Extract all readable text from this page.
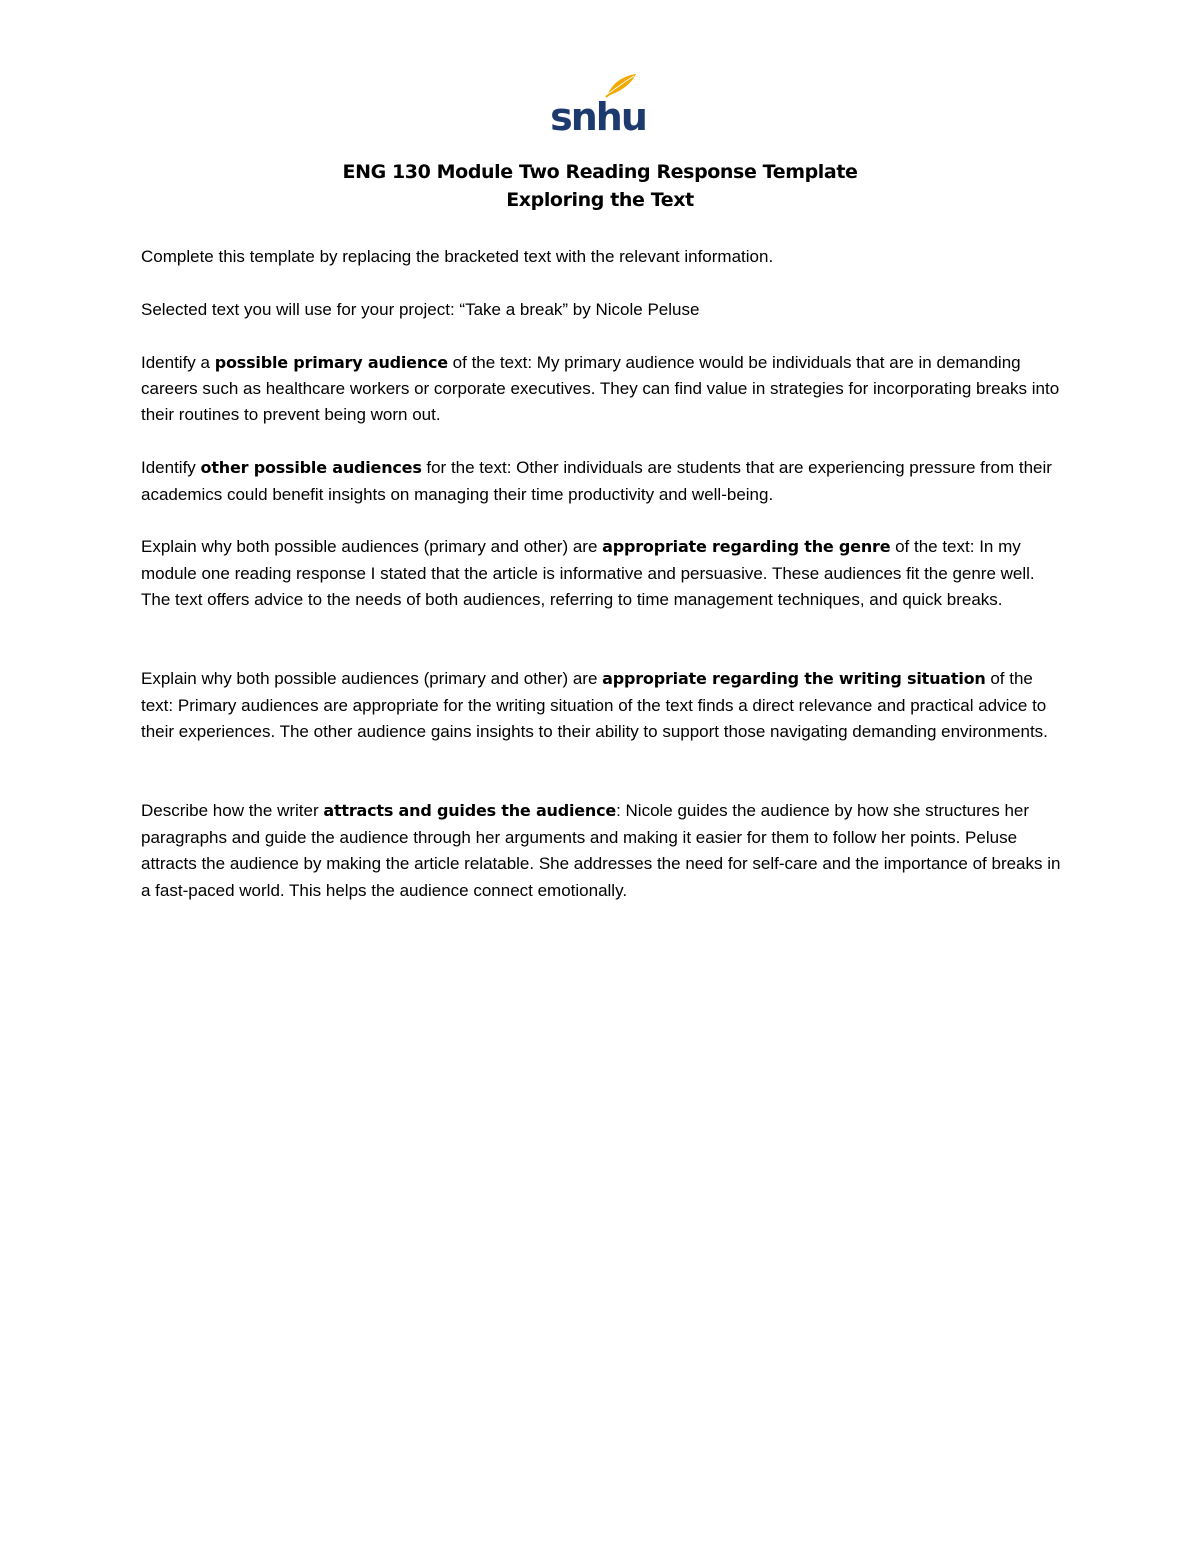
snhu
ENG 130 Module Two Reading Response Template
Exploring the Text

Complete this template by replacing the bracketed text with the relevant information.

Selected text you will use for your project: “Take a break” by Nicole Peluse

Identify a possible primary audience of the text: My primary audience would be individuals that are in demanding careers such as healthcare workers or corporate executives. They can find value in strategies for incorporating breaks into their routines to prevent being worn out.

Identify other possible audiences for the text: Other individuals are students that are experiencing pressure from their academics could benefit insights on managing their time productivity and well-being.

Explain why both possible audiences (primary and other) are appropriate regarding the genre of the text: In my module one reading response I stated that the article is informative and persuasive. These audiences fit the genre well. The text offers advice to the needs of both audiences, referring to time management techniques, and quick breaks.

Explain why both possible audiences (primary and other) are appropriate regarding the writing situation of the text: Primary audiences are appropriate for the writing situation of the text finds a direct relevance and practical advice to their experiences. The other audience gains insights to their ability to support those navigating demanding environments.

Describe how the writer attracts and guides the audience: Nicole guides the audience by how she structures her paragraphs and guide the audience through her arguments and making it easier for them to follow her points. Peluse attracts the audience by making the article relatable. She addresses the need for self-care and the importance of breaks in a fast-paced world. This helps the audience connect emotionally.
